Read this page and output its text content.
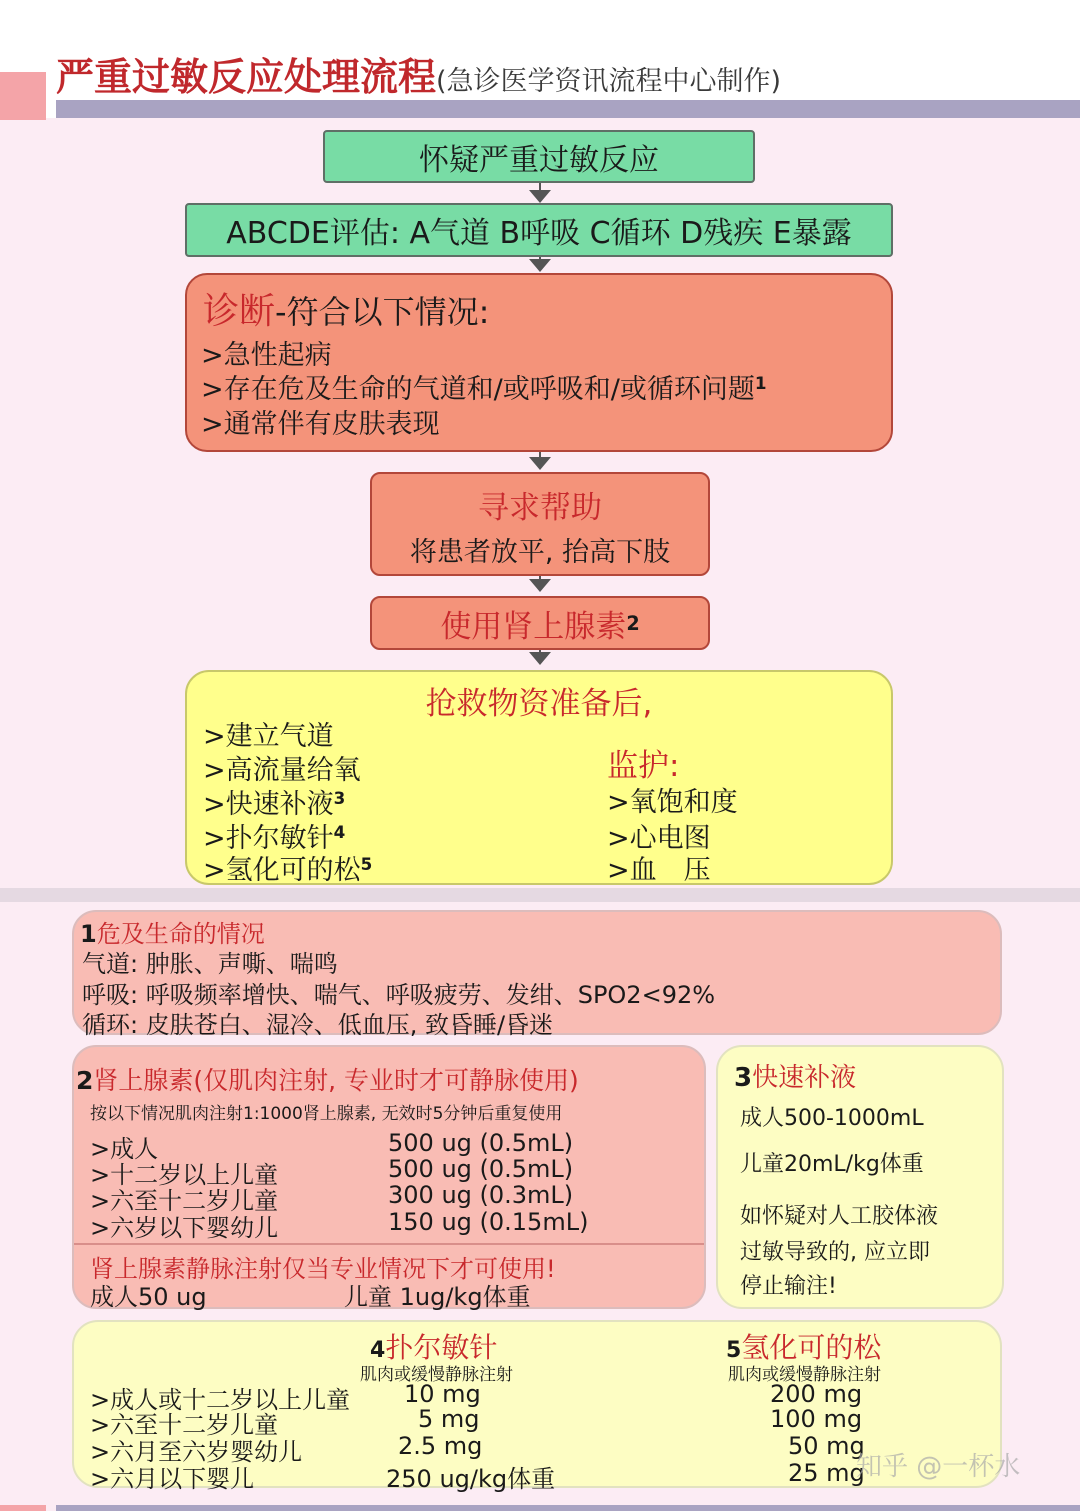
严重过敏反应处理流程(急诊医学资讯流程中心制作)
怀疑严重过敏反应
ABCDE评估: A气道 B呼吸 C循环 D残疾 E暴露
诊断-符合以下情况:
>急性起病
>存在危及生命的气道和/或呼吸和/或循环问题$^1$
>通常伴有皮肤表现
寻求帮助
将患者放平, 抬高下肢
使用肾上腺素 2
抢救物资准备后,
>建立气道
>高流量给氧
>快速补液$^3$
>扑尔敏针$^4$
>氢化可的松$^5$
监护:
>氧饱和度
>心电图
>血　压
1危及生命的情况
气道: 肿胀、声嘶、喘鸣
呼吸: 呼吸频率增快、喘气、呼吸疲劳、发绀、SPO2<92%
循环: 皮肤苍白、湿冷、低血压, 致昏睡/昏迷
2肾上腺素(仅肌肉注射, 专业时才可静脉使用)
按以下情况肌肉注射1:1000肾上腺素, 无效时5分钟后重复使用
>成人	500 ug (0.5mL)
>十二岁以上儿童	500 ug (0.5mL)
>六至十二岁儿童	300 ug (0.3mL)
>六岁以下婴幼儿	150 ug (0.15mL)
肾上腺素静脉注射仅当专业情况下才可使用!
成人50 ug	儿童 1ug/kg体重
3快速补液
成人500-1000mL
儿童20mL/kg体重
如怀疑对人工胶体液
过敏导致的, 应立即
停止输注!
4扑尔敏针
肌肉或缓慢静脉注射
5氢化可的松
肌肉或缓慢静脉注射
>成人或十二岁以上儿童 10 mg	200 mg
>六至十二岁儿童	5 mg	100 mg
>六月至六岁婴幼儿	2.5 mg	50 mg
>六月以下婴儿	250 ug/kg体重	25 mg
知乎 @一杯水
